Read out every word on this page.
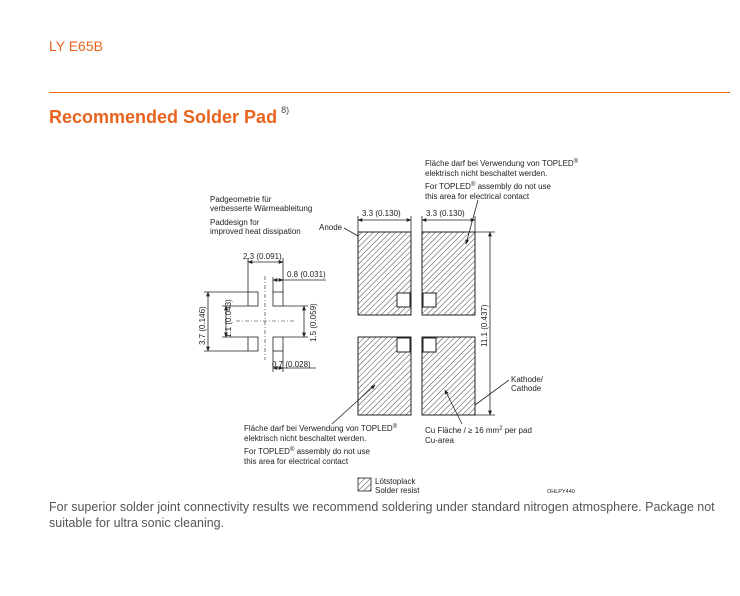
LY E65B
Recommended Solder Pad $^{8)}$
Fläche darf bei Verwendung von TOPLED®
elektrisch nicht beschaltet werden.
For TOPLED® assembly do not use
this area for electrical contact
Padgeometrie für
verbesserte Wärmeableitung
Paddesign for
improved heat dissipation
3.3 (0.130)	3.3 (0.130)
11.1 (0.437)
Anode
Kathode/
Cathode
Fläche darf bei Verwendung von TOPLED®
elektrisch nicht beschaltet werden.
For TOPLED® assembly do not use
this area for electrical contact
Cu Fläche / ≥ 16 $mm^2$ per pad
Cu-area
2.3 (0.091)
0.8 (0.031)
3.7 (0.146) 1.1 (0.043)	1.5 (0.059)
0.7 (0.028)
Lötstoplack
Solder resist	OHLPY440
For superior solder joint connectivity results we recommend soldering under standard nitrogen atmosphere. Package not suitable for ultra sonic cleaning.
